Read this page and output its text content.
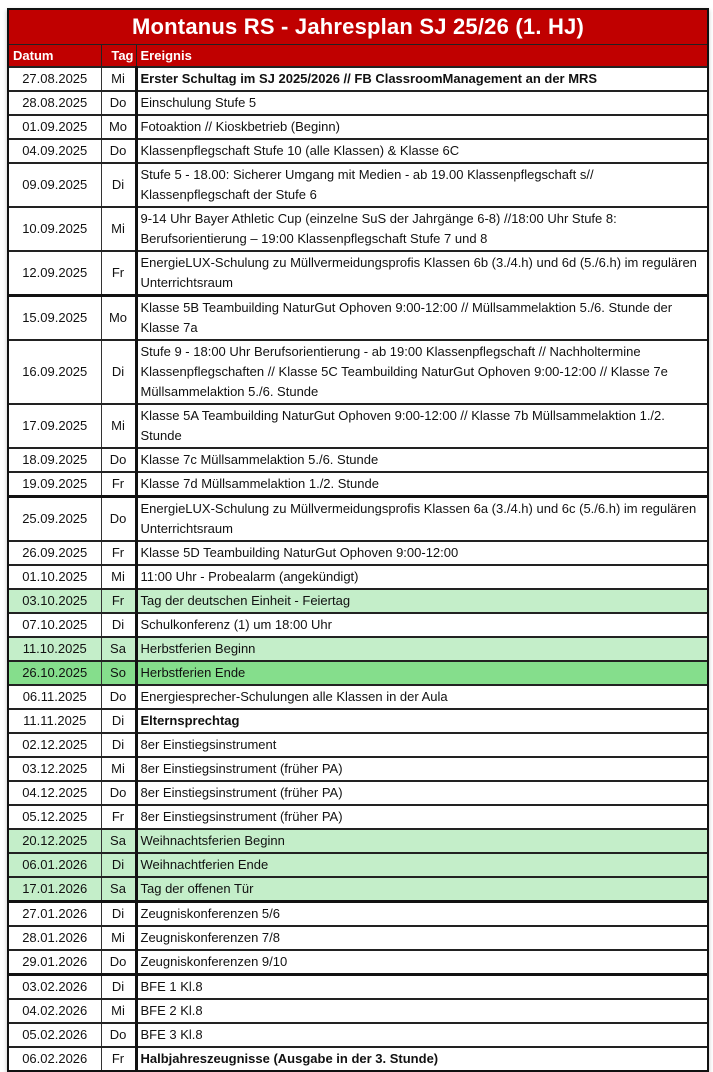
Montanus RS - Jahresplan SJ 25/26 (1. HJ)
Datum	Tag	Ereignis
27.08.2025	Mi	Erster Schultag im SJ 2025/2026 // FB ClassroomManagement an der MRS
28.08.2025	Do	Einschulung Stufe 5
01.09.2025	Mo	Fotoaktion // Kioskbetrieb (Beginn)
04.09.2025	Do	Klassenpflegschaft Stufe 10 (alle Klassen) & Klasse 6C
09.09.2025	Di	Stufe 5 - 18.00: Sicherer Umgang mit Medien - ab 19.00 Klassenpflegschaft s// Klassenpflegschaft der Stufe 6
10.09.2025	Mi	9-14 Uhr Bayer Athletic Cup (einzelne SuS der Jahrgänge 6-8) //18:00 Uhr Stufe 8: Berufsorientierung – 19:00 Klassenpflegschaft Stufe 7 und 8
12.09.2025	Fr	EnergieLUX-Schulung zu Müllvermeidungsprofis Klassen 6b (3./4.h) und 6d (5./6.h) im regulären Unterrichtsraum
15.09.2025	Mo	Klasse 5B Teambuilding NaturGut Ophoven 9:00-12:00 // Müllsammelaktion 5./6. Stunde der Klasse 7a
16.09.2025	Di	Stufe 9 - 18:00 Uhr Berufsorientierung - ab 19:00 Klassenpflegschaft // Nachholtermine Klassenpflegschaften // Klasse 5C Teambuilding NaturGut Ophoven 9:00-12:00 // Klasse 7e Müllsammelaktion 5./6. Stunde
17.09.2025	Mi	Klasse 5A Teambuilding NaturGut Ophoven 9:00-12:00 // Klasse 7b Müllsammelaktion 1./2. Stunde
18.09.2025	Do	Klasse 7c Müllsammelaktion 5./6. Stunde
19.09.2025	Fr	Klasse 7d Müllsammelaktion 1./2. Stunde
25.09.2025	Do	EnergieLUX-Schulung zu Müllvermeidungsprofis Klassen 6a (3./4.h) und 6c (5./6.h) im regulären Unterrichtsraum
26.09.2025	Fr	Klasse 5D Teambuilding NaturGut Ophoven 9:00-12:00
01.10.2025	Mi	11:00 Uhr - Probealarm (angekündigt)
03.10.2025	Fr	Tag der deutschen Einheit - Feiertag
07.10.2025	Di	Schulkonferenz (1) um 18:00 Uhr
11.10.2025	Sa	Herbstferien Beginn
26.10.2025	So	Herbstferien Ende
06.11.2025	Do	Energiesprecher-Schulungen alle Klassen in der Aula
11.11.2025	Di	Elternsprechtag
02.12.2025	Di	8er Einstiegsinstrument
03.12.2025	Mi	8er Einstiegsinstrument (früher PA)
04.12.2025	Do	8er Einstiegsinstrument (früher PA)
05.12.2025	Fr	8er Einstiegsinstrument (früher PA)
20.12.2025	Sa	Weihnachtsferien Beginn
06.01.2026	Di	Weihnachtferien Ende
17.01.2026	Sa	Tag der offenen Tür
27.01.2026	Di	Zeugniskonferenzen 5/6
28.01.2026	Mi	Zeugniskonferenzen 7/8
29.01.2026	Do	Zeugniskonferenzen 9/10
03.02.2026	Di	BFE 1 Kl.8
04.02.2026	Mi	BFE 2 Kl.8
05.02.2026	Do	BFE 3 Kl.8
06.02.2026	Fr	Halbjahreszeugnisse (Ausgabe in der 3. Stunde)
